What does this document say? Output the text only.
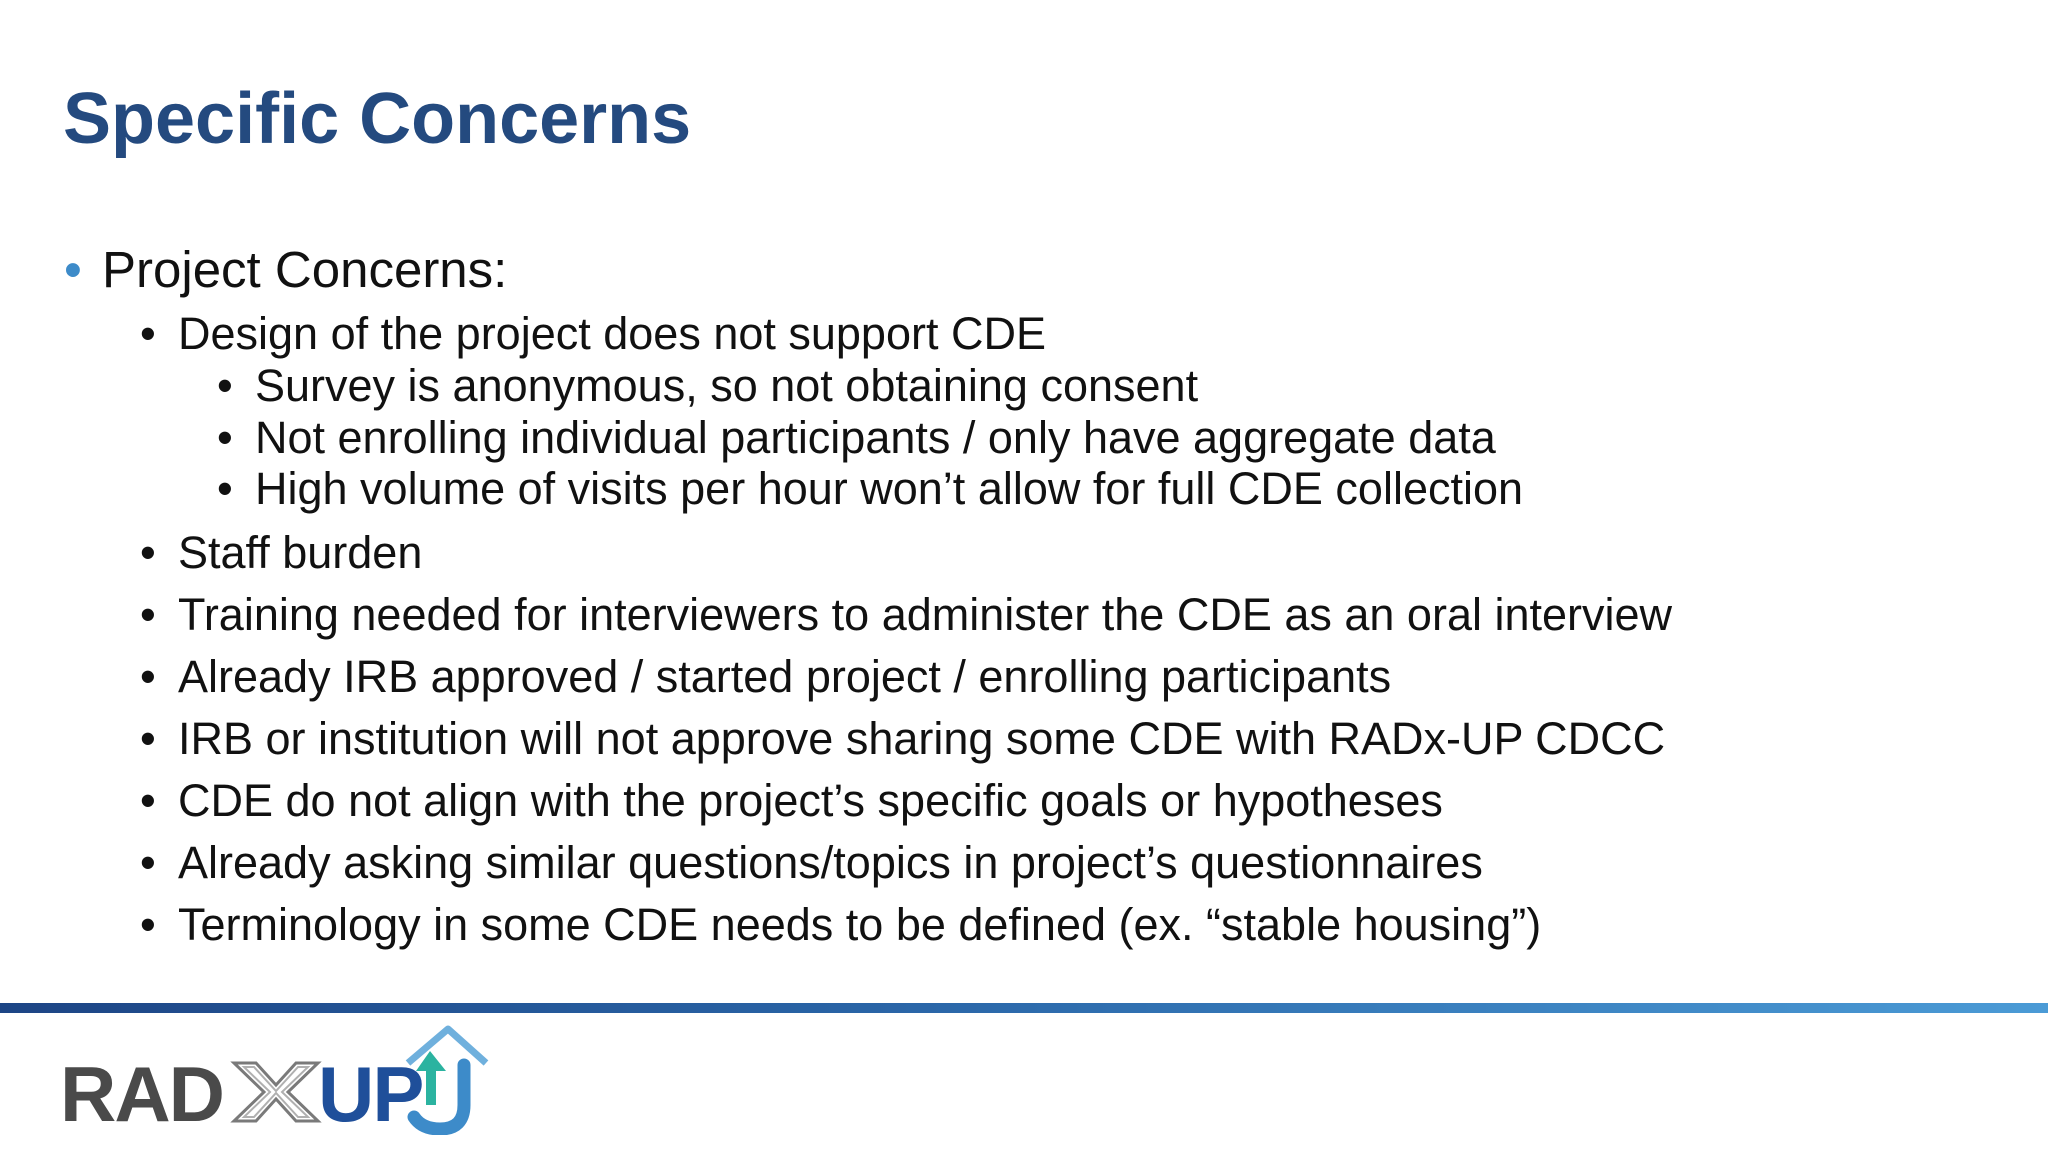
Specific Concerns
• Project Concerns:
• Design of the project does not support CDE
• Survey is anonymous, so not obtaining consent
• Not enrolling individual participants / only have aggregate data
• High volume of visits per hour won’t allow for full CDE collection
• Staff burden
• Training needed for interviewers to administer the CDE as an oral interview
• Already IRB approved / started project / enrolling participants
• IRB or institution will not approve sharing some CDE with RADx-UP CDCC
• CDE do not align with the project’s specific goals or hypotheses
• Already asking similar questions/topics in project’s questionnaires
• Terminology in some CDE needs to be defined (ex. “stable housing”)
RAD UP
